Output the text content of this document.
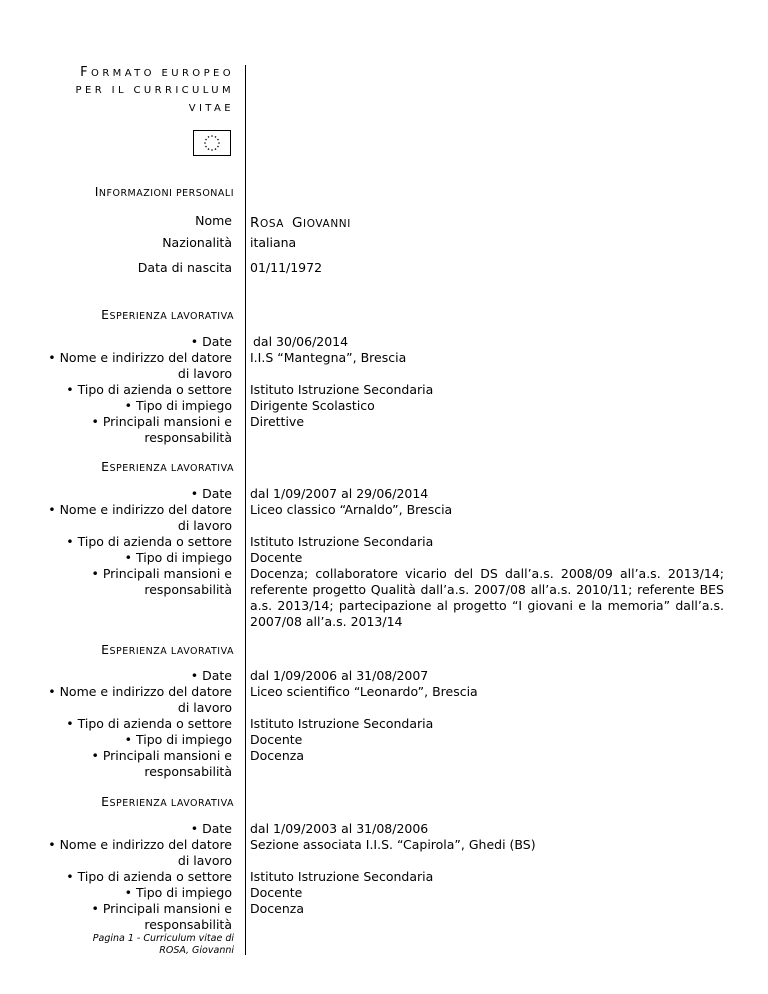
FORMATO EUROPEO
PER IL CURRICULUM
VITAE
INFORMAZIONI PERSONALI
Nome ROSA GIOVANNI
Nazionalità italiana
Data di nascita 01/11/1972
ESPERIENZA LAVORATIVA
• Date
• Nome e indirizzo del datore
di lavoro
• Tipo di azienda o settore
• Tipo di impiego
• Principali mansioni e
responsabilità
dal 30/06/2014
I.I.S “Mantegna”, Brescia
Istituto Istruzione Secondaria
Dirigente Scolastico
Direttive
ESPERIENZA LAVORATIVA
• Date
• Nome e indirizzo del datore
di lavoro
• Tipo di azienda o settore
• Tipo di impiego
• Principali mansioni e
responsabilità
dal 1/09/2007 al 29/06/2014
Liceo classico “Arnaldo”, Brescia
Istituto Istruzione Secondaria
Docente
Docenza; collaboratore vicario del DS dall’a.s. 2008/09 all’a.s. 2013/14; referente progetto Qualità dall’a.s. 2007/08 all’a.s. 2010/11; referente BES a.s. 2013/14; partecipazione al progetto “I giovani e la memoria” dall’a.s. 2007/08 all’a.s. 2013/14
ESPERIENZA LAVORATIVA
• Date
• Nome e indirizzo del datore
di lavoro
• Tipo di azienda o settore
• Tipo di impiego
• Principali mansioni e
responsabilità
dal 1/09/2006 al 31/08/2007
Liceo scientifico “Leonardo”, Brescia
Istituto Istruzione Secondaria
Docente
Docenza
ESPERIENZA LAVORATIVA
• Date
• Nome e indirizzo del datore
di lavoro
• Tipo di azienda o settore
• Tipo di impiego
• Principali mansioni e
responsabilità
dal 1/09/2003 al 31/08/2006
Sezione associata I.I.S. “Capirola”, Ghedi (BS)
Istituto Istruzione Secondaria
Docente
Docenza
Pagina 1 - Curriculum vitae di
ROSA, Giovanni
